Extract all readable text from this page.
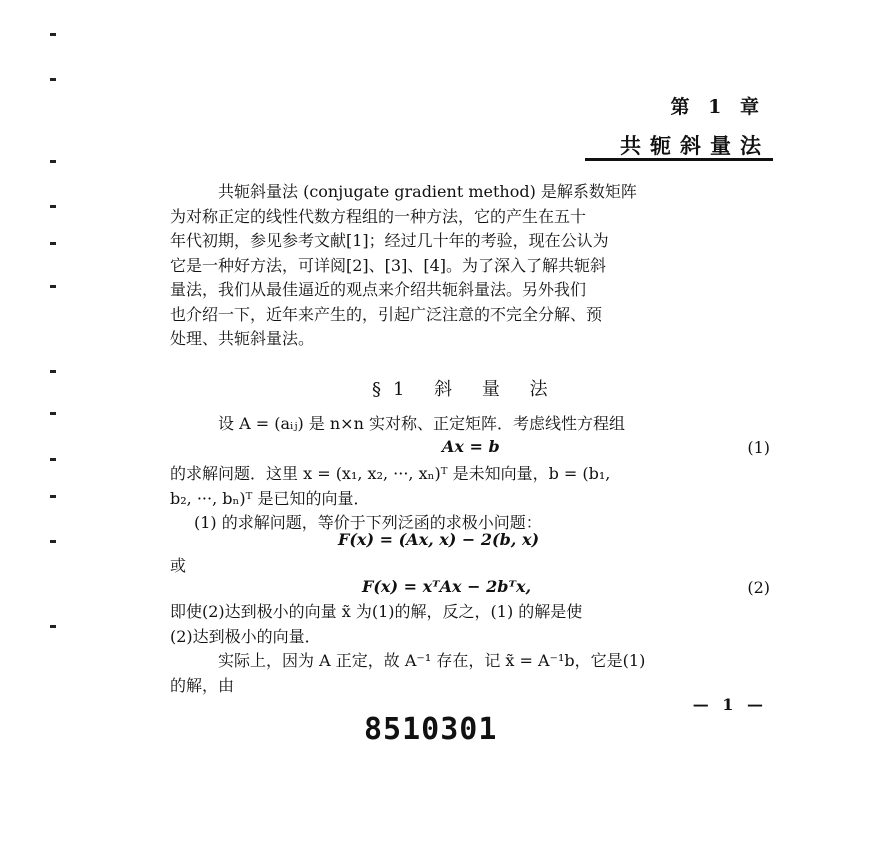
第 1 章
共轭斜量法
共轭斜量法 (conjugate gradient method) 是解系数矩阵
为对称正定的线性代数方程组的一种方法，它的产生在五十
年代初期，参见参考文献[1]；经过几十年的考验，现在公认为
它是一种好方法，可详阅[2]、[3]、[4]。为了深入了解共轭斜
量法，我们从最佳逼近的观点来介绍共轭斜量法。另外我们
也介绍一下，近年来产生的，引起广泛注意的不完全分解、预
处理、共轭斜量法。
§1 斜 量 法
设 A = (aᵢⱼ) 是 n×n 实对称、正定矩阵．考虑线性方程组
Ax = b	(1)
的求解问题．这里 x = (x₁, x₂, ···, xₙ)ᵀ 是未知向量，b = (b₁,
b₂, ···, bₙ)ᵀ 是已知的向量．
(1) 的求解问题，等价于下列泛函的求极小问题：
F(x) = (Ax, x) − 2(b, x)
或
F(x) = xᵀAx − 2bᵀx,	(2)
即使(2)达到极小的向量 x̃ 为(1)的解，反之，(1) 的解是使
(2)达到极小的向量．
实际上，因为 A 正定，故 A⁻¹ 存在，记 x̃ = A⁻¹b，它是(1)
的解，由
— 1 —
8510301
